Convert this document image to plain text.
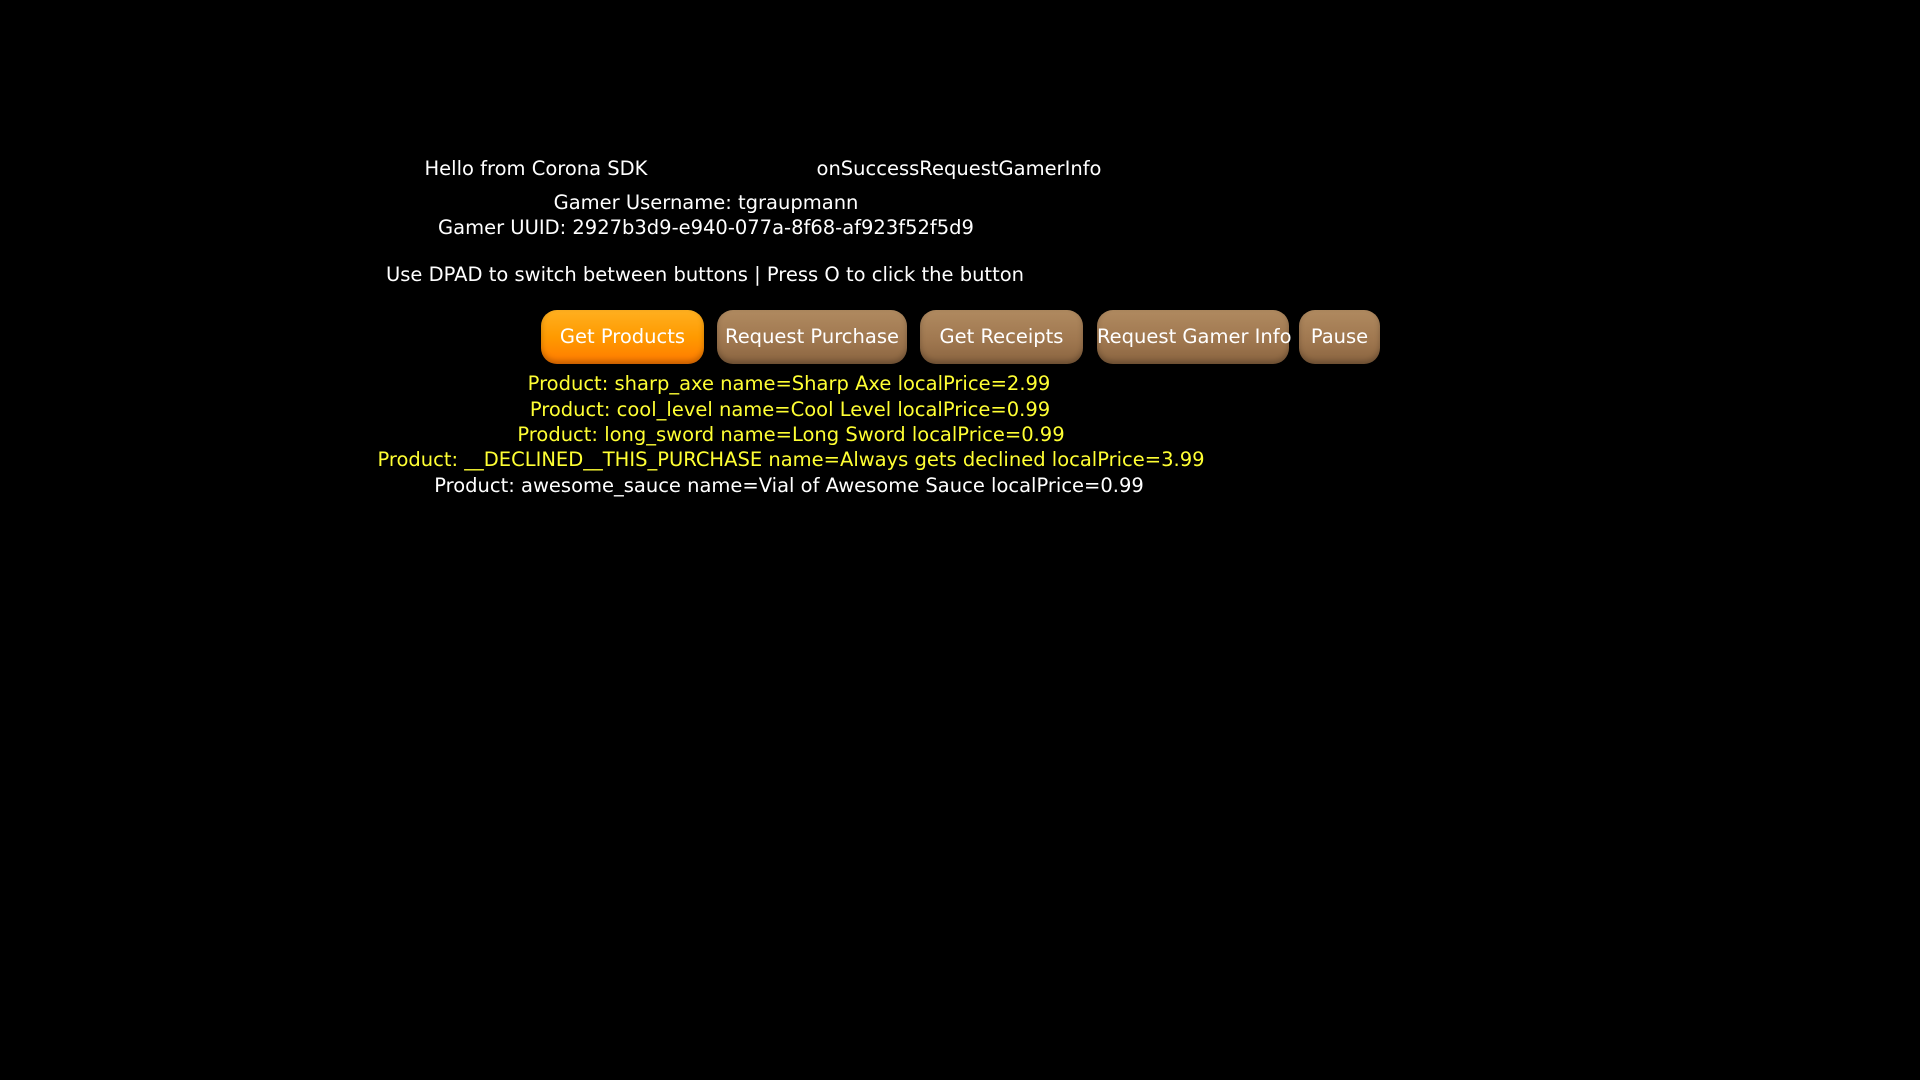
Hello from Corona SDK	onSuccessRequestGamerInfo
Gamer Username: tgraupmann
Gamer UUID: 2927b3d9-e940-077a-8f68-af923f52f5d9
Use DPAD to switch between buttons | Press O to click the button
Get Products	Request Purchase	Get Receipts	Request Gamer Info Pause
Product: sharp_axe name=Sharp Axe localPrice=2.99
Product: cool_level name=Cool Level localPrice=0.99
Product: long_sword name=Long Sword localPrice=0.99
Product: __DECLINED__THIS_PURCHASE name=Always gets declined localPrice=3.99
Product: awesome_sauce name=Vial of Awesome Sauce localPrice=0.99
